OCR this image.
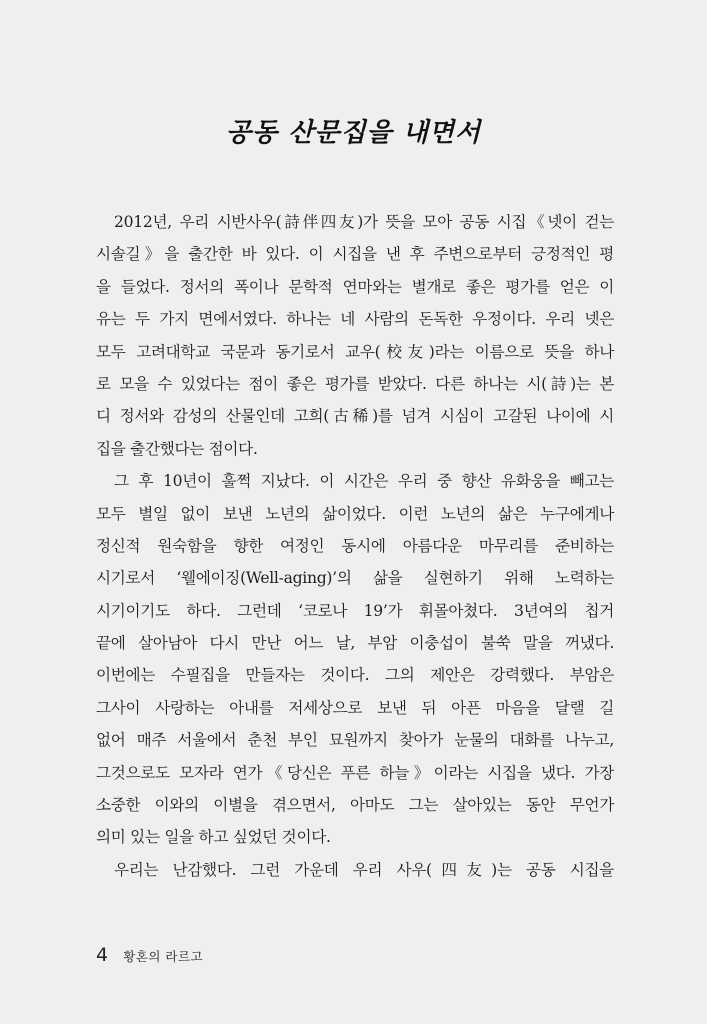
공동 산문집을 내면서
2012년, 우리 시반사우(詩伴四友)가 뜻을 모아 공동 시집《넷이 걷는
시솔길》을 출간한 바 있다. 이 시집을 낸 후 주변으로부터 긍정적인 평
을 들었다. 정서의 폭이나 문학적 연마와는 별개로 좋은 평가를 얻은 이
유는 두 가지 면에서였다. 하나는 네 사람의 돈독한 우정이다. 우리 넷은
모두 고려대학교 국문과 동기로서 교우(校友)라는 이름으로 뜻을 하나
로 모을 수 있었다는 점이 좋은 평가를 받았다. 다른 하나는 시(詩)는 본
디 정서와 감성의 산물인데 고희(古稀)를 넘겨 시심이 고갈된 나이에 시
집을 출간했다는 점이다.
그 후 10년이 훌쩍 지났다. 이 시간은 우리 중 향산 유화웅을 빼고는
모두 별일 없이 보낸 노년의 삶이었다. 이런 노년의 삶은 누구에게나
정신적 원숙함을 향한 여정인 동시에 아름다운 마무리를 준비하는
시기로서 ‘웰에이징(Well-aging)’의 삶을 실현하기 위해 노력하는
시기이기도 하다. 그런데 ‘코로나 19’가 휘몰아쳤다. 3년여의 칩거
끝에 살아남아 다시 만난 어느 날, 부암 이충섭이 불쑥 말을 꺼냈다.
이번에는 수필집을 만들자는 것이다. 그의 제안은 강력했다. 부암은
그사이 사랑하는 아내를 저세상으로 보낸 뒤 아픈 마음을 달랠 길
없어 매주 서울에서 춘천 부인 묘원까지 찾아가 눈물의 대화를 나누고,
그것으로도 모자라 연가《당신은 푸른 하늘》이라는 시집을 냈다. 가장
소중한 이와의 이별을 겪으면서, 아마도 그는 살아있는 동안 무언가
의미 있는 일을 하고 싶었던 것이다.
우리는 난감했다. 그런 가운데 우리 사우(四友)는 공동 시집을
4 황혼의 라르고
